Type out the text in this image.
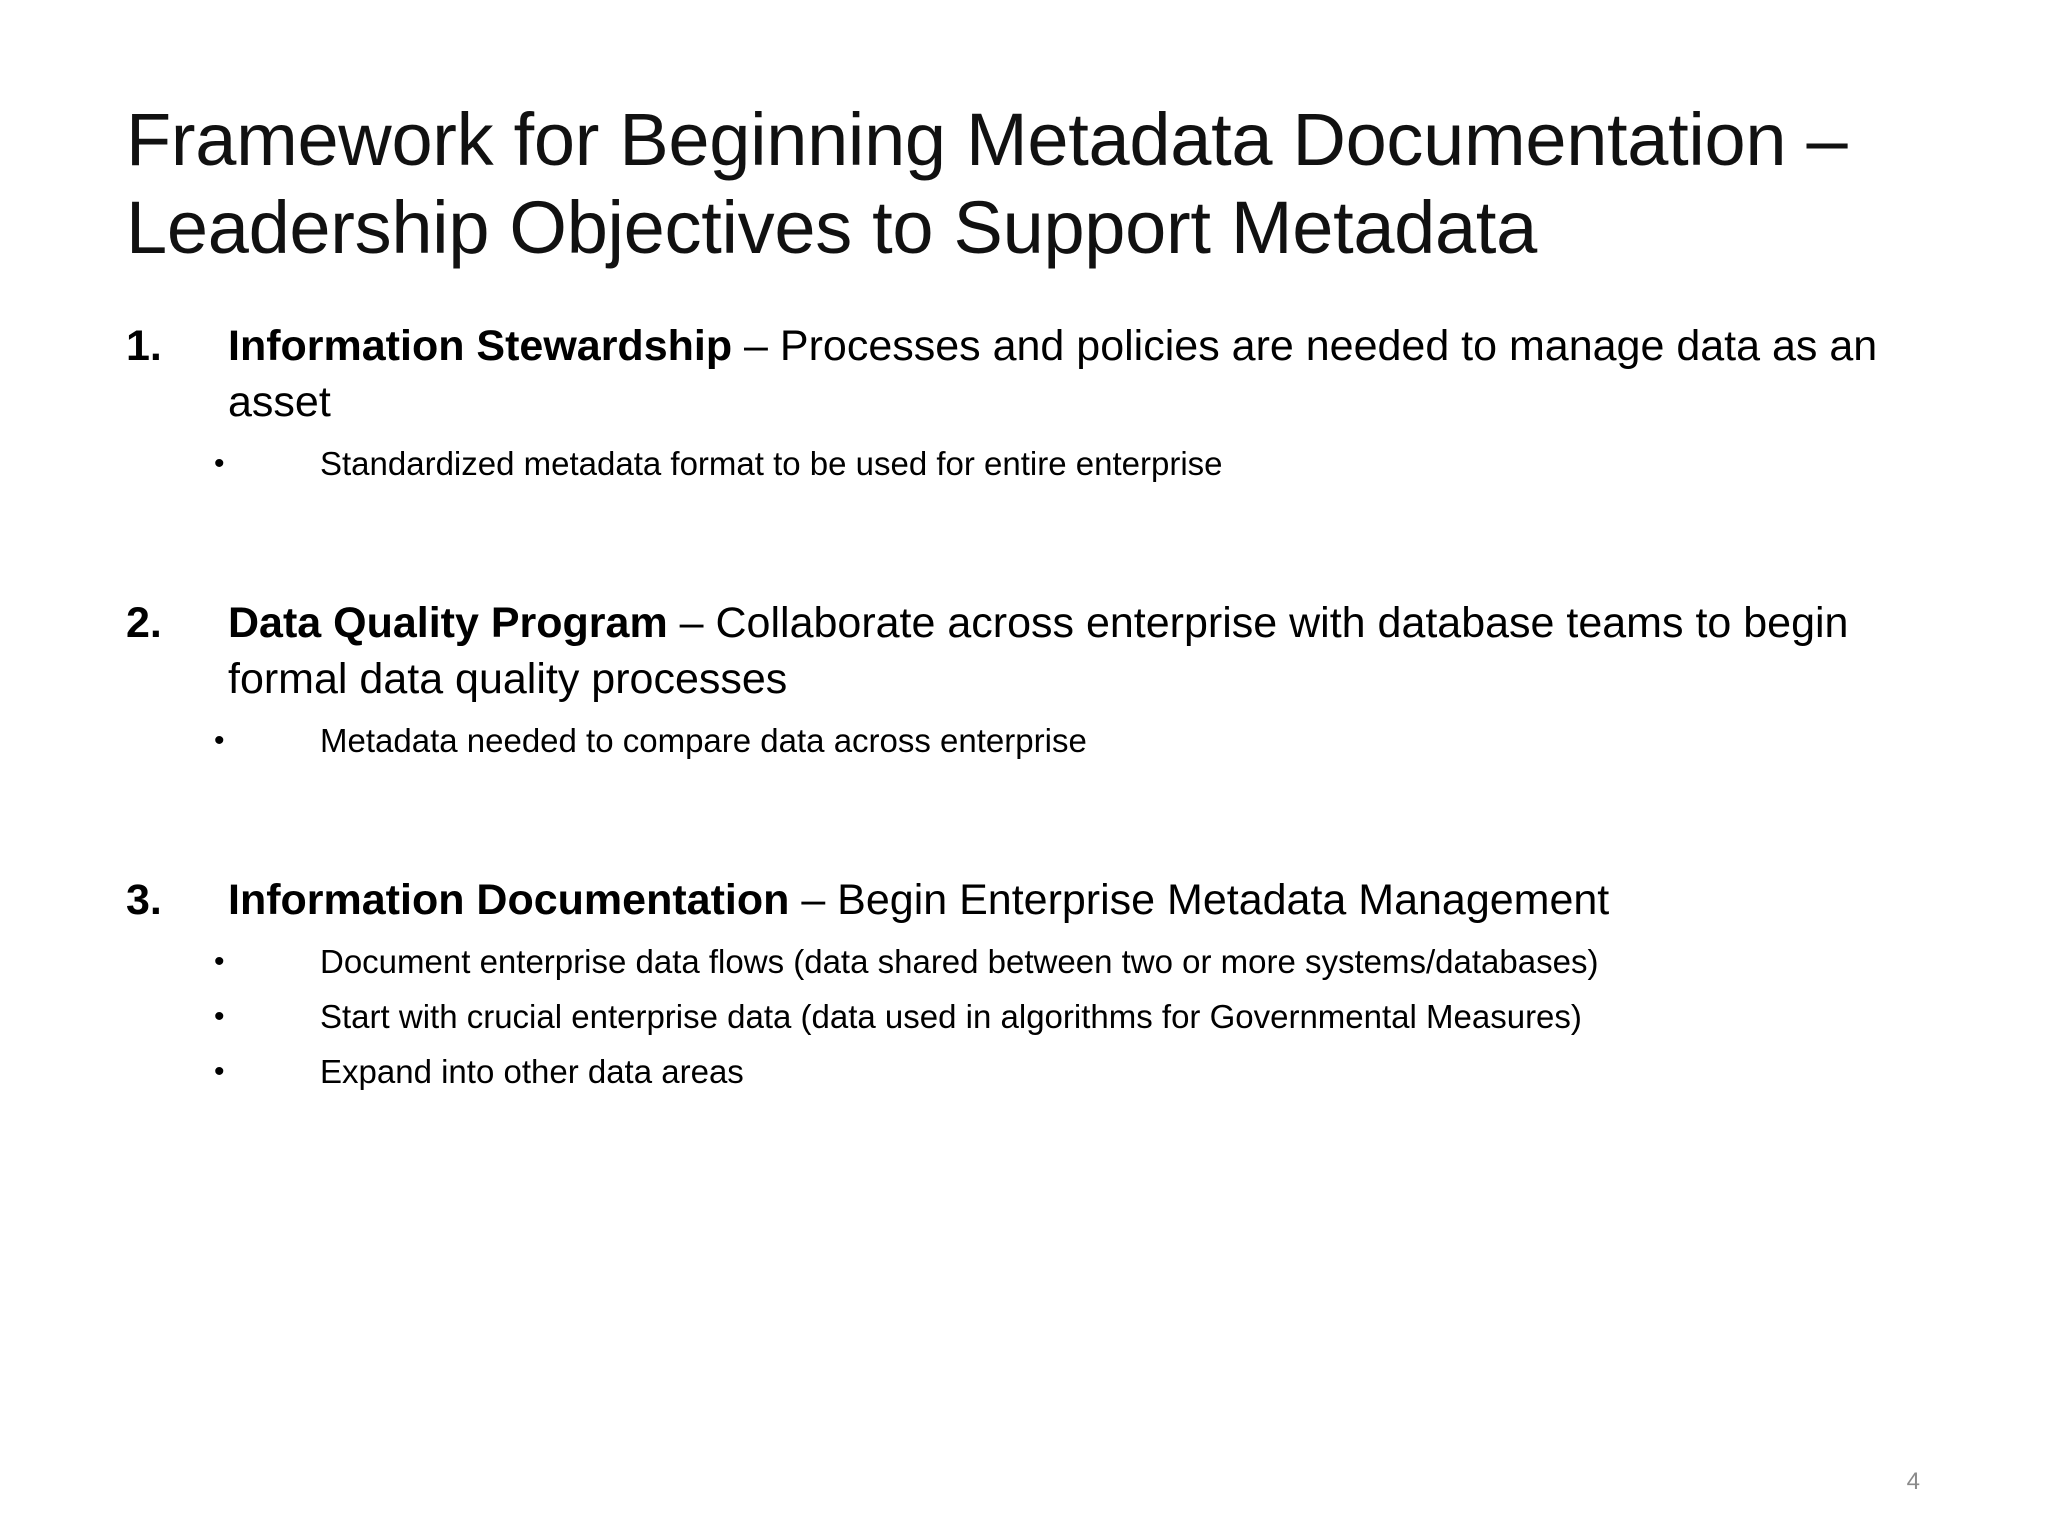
Framework for Beginning Metadata Documentation –
Leadership Objectives to Support Metadata
1. Information Stewardship – Processes and policies are needed to manage data as an asset
•	Standardized metadata format to be used for entire enterprise
2. Data Quality Program – Collaborate across enterprise with database teams to begin formal data quality processes
•	Metadata needed to compare data across enterprise
3. Information Documentation – Begin Enterprise Metadata Management
•	Document enterprise data flows (data shared between two or more systems/databases)
•	Start with crucial enterprise data (data used in algorithms for Governmental Measures)
•	Expand into other data areas
4
